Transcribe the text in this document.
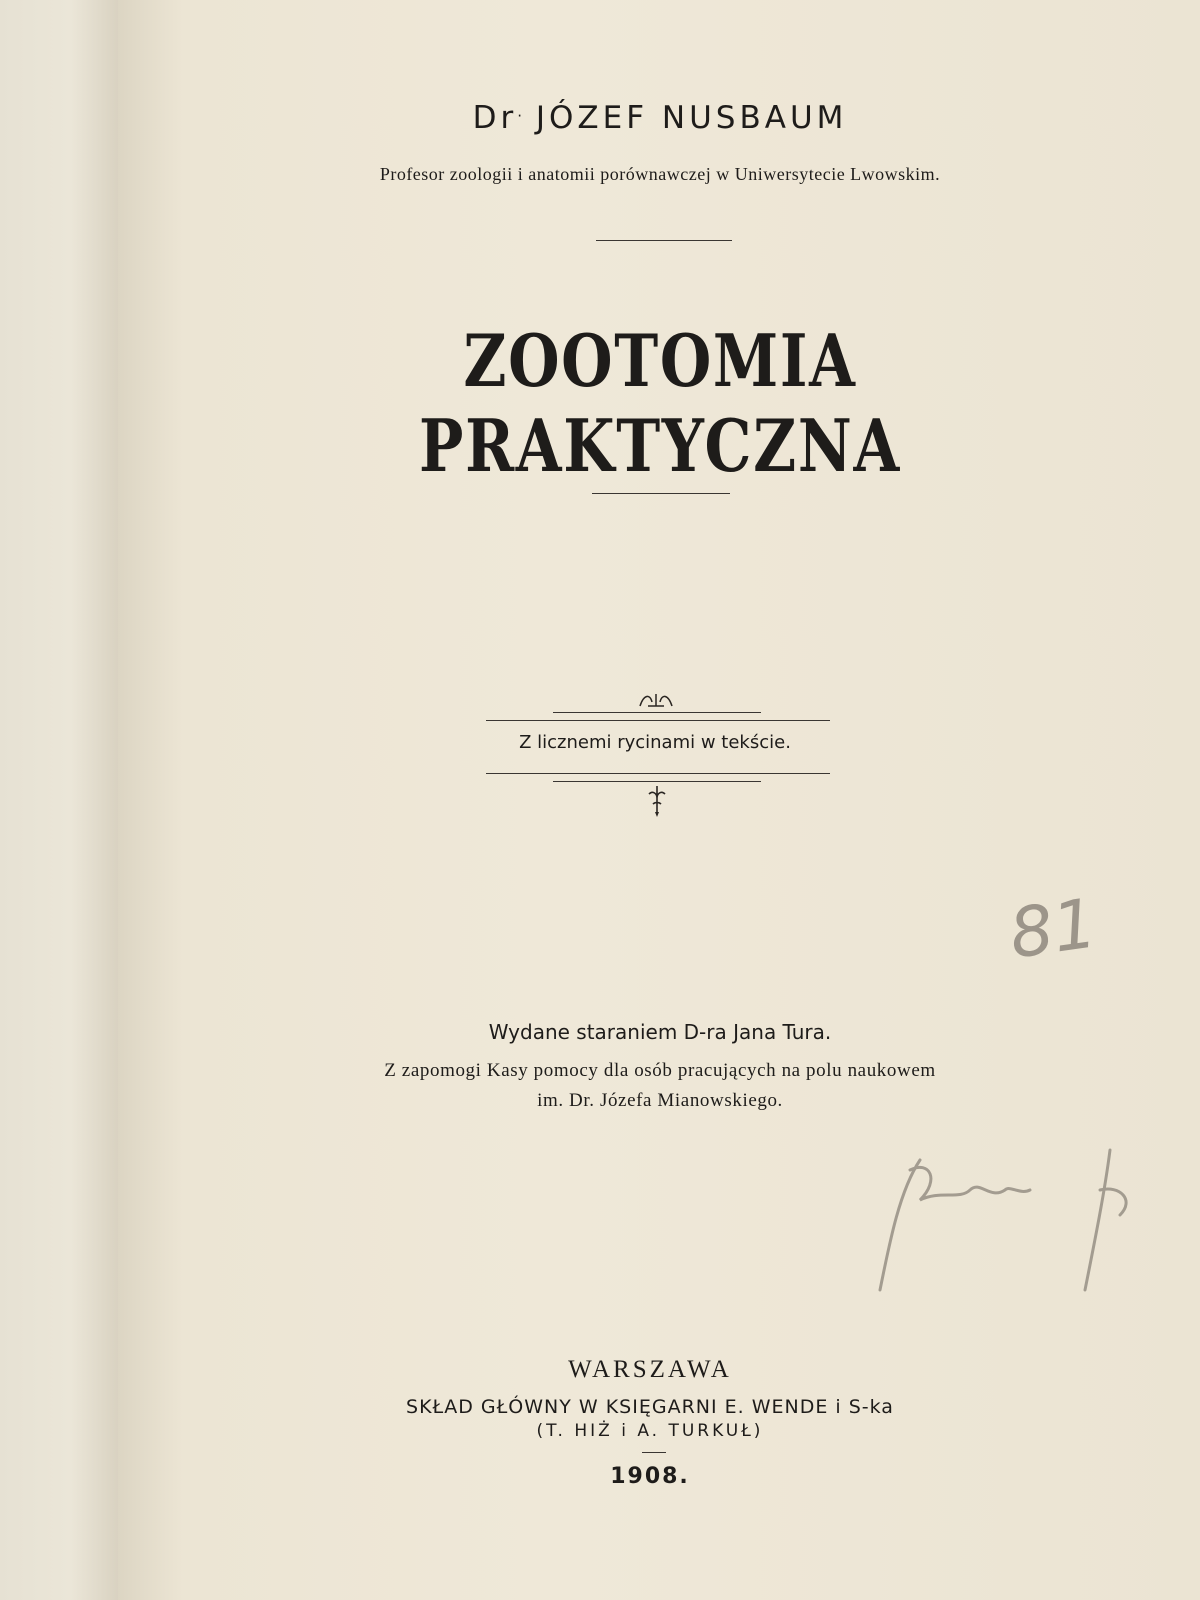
Dr. JÓZEF NUSBAUM
Profesor zoologii i anatomii porównawczej w Uniwersytecie Lwowskim.
ZOOTOMIA PRAKTYCZNA
Z licznemi rycinami w tekście.
81
Wydane staraniem D-ra Jana Tura.
Z zapomogi Kasy pomocy dla osób pracujących na polu naukowem
im. Dr. Józefa Mianowskiego.
WARSZAWA
SKŁAD GŁÓWNY W KSIĘGARNI E. WENDE i S-ka
(T. HIŻ i A. TURKUŁ)
1908.
